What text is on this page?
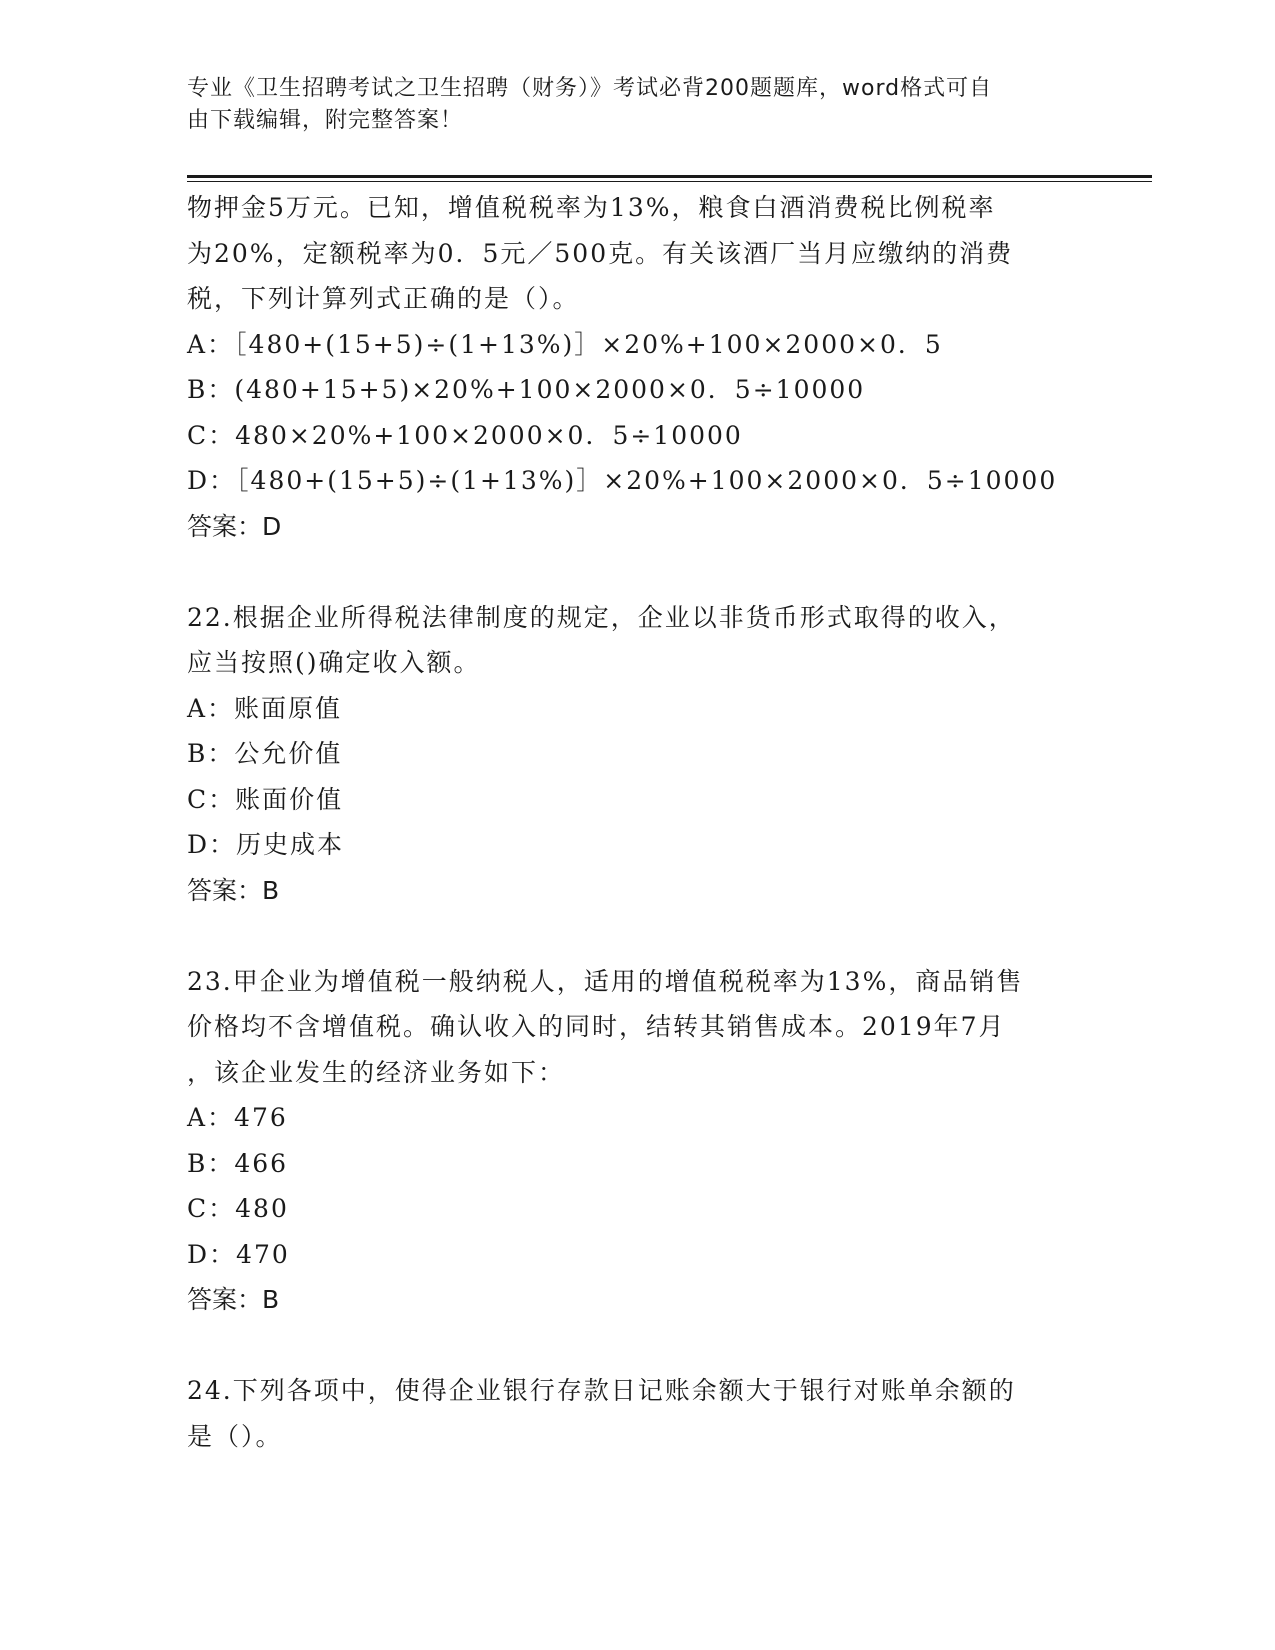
专业《卫生招聘考试之卫生招聘（财务）》考试必背200题题库，word格式可自
由下载编辑，附完整答案！
物押金5万元。已知，增值税税率为13%，粮食白酒消费税比例税率
为20%，定额税率为0．5元／500克。有关该酒厂当月应缴纳的消费
税，下列计算列式正确的是（）。
A：［480+(15+5)÷(1+13%)］×20%+100×2000×0．5
B：(480+15+5)×20%+100×2000×0．5÷10000
C：480×20%+100×2000×0．5÷10000
D：［480+(15+5)÷(1+13%)］×20%+100×2000×0．5÷10000
答案：D
22.根据企业所得税法律制度的规定，企业以非货币形式取得的收入，
应当按照()确定收入额。
A：账面原值
B：公允价值
C：账面价值
D：历史成本
答案：B
23.甲企业为增值税一般纳税人，适用的增值税税率为13%，商品销售
价格均不含增值税。确认收入的同时，结转其销售成本。2019年7月
，该企业发生的经济业务如下：
A：476
B：466
C：480
D：470
答案：B
24.下列各项中，使得企业银行存款日记账余额大于银行对账单余额的
是（）。
